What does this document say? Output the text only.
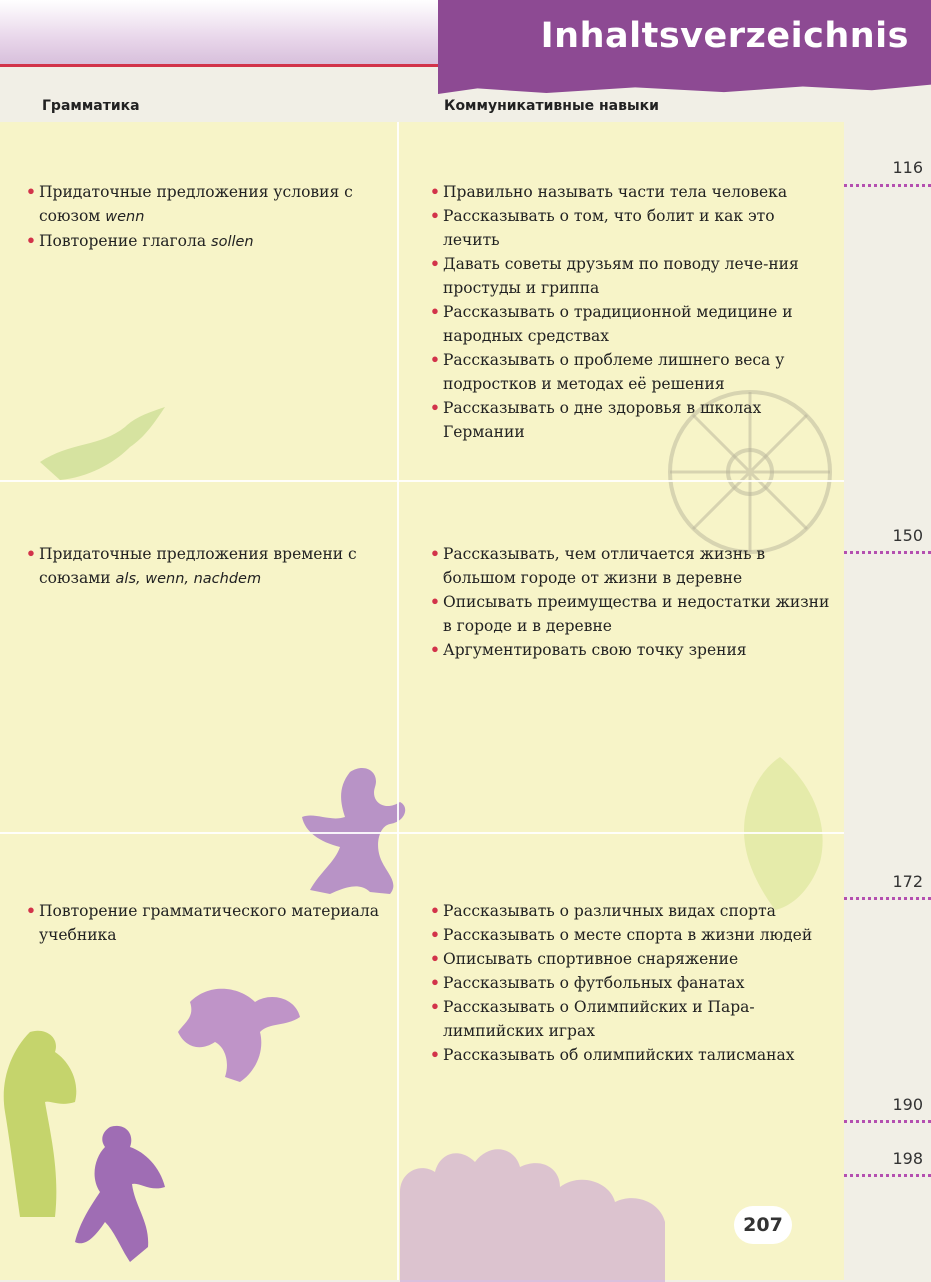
Inhaltsverzeichnis
Грамматика	Коммуникативные навыки
• Придаточные предложения условия с союзом wenn
• Повторение глагола sollen
• Правильно называть части тела человека
• Рассказывать о том, что болит и как это лечить
• Давать советы друзьям по поводу лече-ния простуды и гриппа
• Рассказывать о традиционной медицине и народных средствах
• Рассказывать о проблеме лишнего веса у подростков и методах её решения
• Рассказывать о дне здоровья в школах Германии
• Придаточные предложения времени с союзами als, wenn, nachdem
• Рассказывать, чем отличается жизнь в большом городе от жизни в деревне
• Описывать преимущества и недостатки жизни в городе и в деревне
• Аргументировать свою точку зрения
• Повторение грамматического материала учебника
• Рассказывать о различных видах спорта
• Рассказывать о месте спорта в жизни людей
• Описывать спортивное снаряжение
• Рассказывать о футбольных фанатах
• Рассказывать о Олимпийских и Пара-лимпийских играх
• Рассказывать об олимпийских талисманах
116
150
172
190
198
207
